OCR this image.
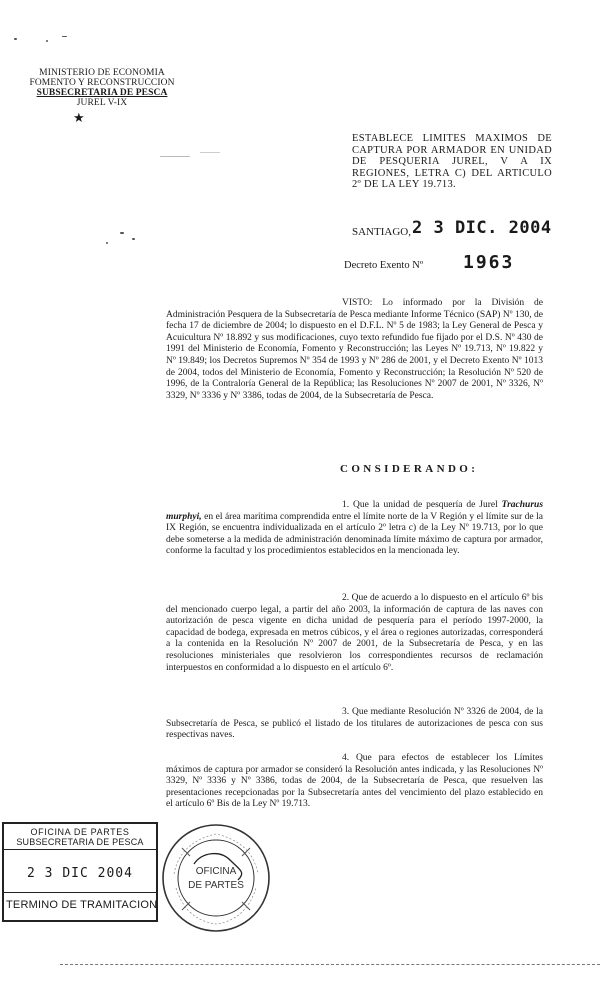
MINISTERIO DE ECONOMIA
FOMENTO Y RECONSTRUCCION
SUBSECRETARIA DE PESCA
JUREL V-IX
★
ESTABLECE LIMITES MAXIMOS DE CAPTURA POR ARMADOR EN UNIDAD DE PESQUERIA JUREL, V A IX REGIONES, LETRA C) DEL ARTICULO 2º DE LA LEY 19.713.
SANTIAGO, 2 3 DIC. 2004
Decreto Exento Nº 1963
VISTO: Lo informado por la División de Administración Pesquera de la Subsecretaría de Pesca mediante Informe Técnico (SAP) Nº 130, de fecha 17 de diciembre de 2004; lo dispuesto en el D.F.L. Nº 5 de 1983; la Ley General de Pesca y Acuicultura Nº 18.892 y sus modificaciones, cuyo texto refundido fue fijado por el D.S. Nº 430 de 1991 del Ministerio de Economía, Fomento y Reconstrucción; las Leyes Nº 19.713, Nº 19.822 y Nº 19.849; los Decretos Supremos Nº 354 de 1993 y Nº 286 de 2001, y el Decreto Exento Nº 1013 de 2004, todos del Ministerio de Economía, Fomento y Reconstrucción; la Resolución Nº 520 de 1996, de la Contraloría General de la República; las Resoluciones Nº 2007 de 2001, Nº 3326, Nº 3329, Nº 3336 y Nº 3386, todas de 2004, de la Subsecretaría de Pesca.
CONSIDERANDO:
1. Que la unidad de pesquería de Jurel Trachurus murphyi, en el área marítima comprendida entre el límite norte de la V Región y el límite sur de la IX Región, se encuentra individualizada en el artículo 2º letra c) de la Ley Nº 19.713, por lo que debe someterse a la medida de administración denominada límite máximo de captura por armador, conforme la facultad y los procedimientos establecidos en la mencionada ley.
2. Que de acuerdo a lo dispuesto en el artículo 6º bis del mencionado cuerpo legal, a partir del año 2003, la información de captura de las naves con autorización de pesca vigente en dicha unidad de pesquería para el período 1997-2000, la capacidad de bodega, expresada en metros cúbicos, y el área o regiones autorizadas, corresponderá a la contenida en la Resolución Nº 2007 de 2001, de la Subsecretaría de Pesca, y en las resoluciones ministeriales que resolvieron los correspondientes recursos de reclamación interpuestos en conformidad a lo dispuesto en el artículo 6º.
3. Que mediante Resolución Nº 3326 de 2004, de la Subsecretaría de Pesca, se publicó el listado de los titulares de autorizaciones de pesca con sus respectivas naves.
4. Que para efectos de establecer los Límites máximos de captura por armador se consideró la Resolución antes indicada, y las Resoluciones Nº 3329, Nº 3336 y Nº 3386, todas de 2004, de la Subsecretaría de Pesca, que resuelven las presentaciones recepcionadas por la Subsecretaría antes del vencimiento del plazo establecido en el artículo 6º Bis de la Ley Nº 19.713.
OFICINA DE PARTES
SUBSECRETARIA DE PESCA
2 3 DIC 2004
TERMINO DE TRAMITACION
OFICINA
DE PARTES
